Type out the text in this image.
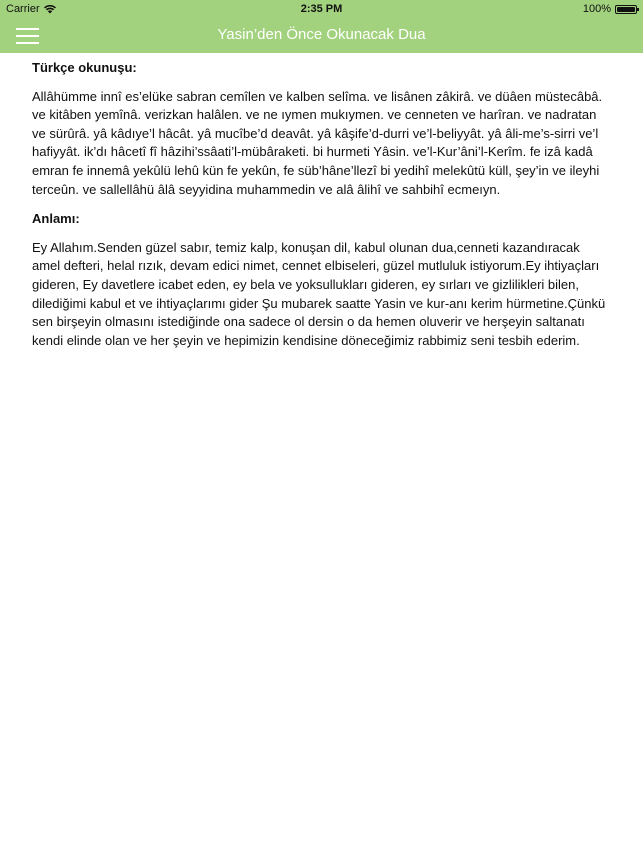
Carrier	2:35 PM	100%
Yasin’den Önce Okunacak Dua

Türkçe okunuşu:

Allâhümme innî es’elüke sabran cemîlen ve kalben selîma. ve lisânen zâkirâ. ve düâen müstecâbâ. ve kitâben yemînâ. verizkan halâlen. ve ne ıymen mukıymen. ve cenneten ve harîran. ve nadratan ve sürûrâ. yâ kâdıye’l hâcât. yâ mucîbe’d deavât. yâ kâşife’d-durri ve’l-beliyyât. yâ âli-me’s-sirri ve’l hafiyyât. ik’dı hâcetî fî hâzihi’ssâati’l-mübâraketi. bi hurmeti Yâsin. ve’l-Kur’âni’l-Kerîm. fe izâ kadâ emran fe innemâ yekûlü lehû kün fe yekûn, fe süb’hâne’llezî bi yedihî melekûtü küll, şey’in ve ileyhi terceûn. ve sallellâhü âlâ seyyidina muhammedin ve alâ âlihî ve sahbihî ecmeıyn.

Anlamı:

Ey Allahım.Senden güzel sabır, temiz kalp, konuşan dil, kabul olunan dua,cenneti kazandıracak amel defteri, helal rızık, devam edici nimet, cennet elbiseleri, güzel mutluluk istiyorum.Ey ihtiyaçları gideren, Ey davetlere icabet eden, ey bela ve yoksullukları gideren, ey sırları ve gizlilikleri bilen, dilediğimi kabul et ve ihtiyaçlarımı gider Şu mubarek saatte Yasin ve kur-anı kerim hürmetine.Çünkü sen birşeyin olmasını istediğinde ona sadece ol dersin o da hemen oluverir ve herşeyin saltanatı kendi elinde olan ve her şeyin ve hepimizin kendisine döneceğimiz rabbimiz seni tesbih ederim.
